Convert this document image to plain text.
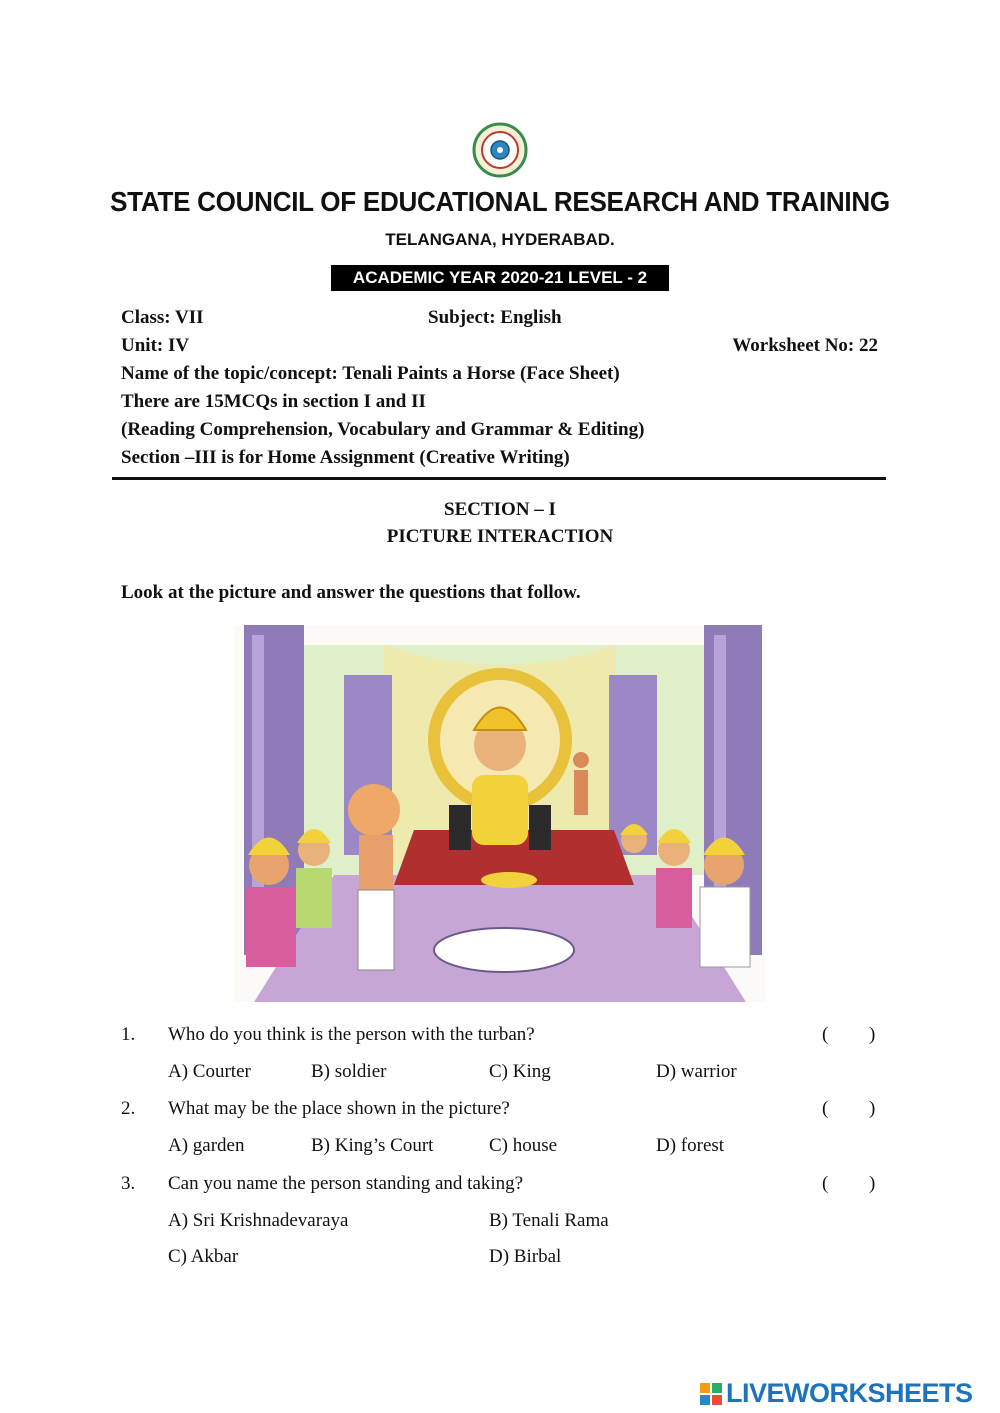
STATE COUNCIL OF EDUCATIONAL RESEARCH AND TRAINING
TELANGANA, HYDERABAD.
ACADEMIC YEAR 2020-21 LEVEL - 2
Class: VII	Subject: English
Unit: IV	Worksheet No: 22
Name of the topic/concept: Tenali Paints a Horse (Face Sheet)
There are 15MCQs in section I and II
(Reading Comprehension, Vocabulary and Grammar & Editing)
Section –III is for Home Assignment (Creative Writing)
SECTION – I
PICTURE INTERACTION
Look at the picture and answer the questions that follow.
1. Who do you think is the person with the turban?	( )
A) Courter	B) soldier	C) King	D) warrior
2. What may be the place shown in the picture?	( )
A) garden	B) King’s Court	C) house	D) forest
3. Can you name the person standing and taking?	( )
A) Sri Krishnadevaraya	B) Tenali Rama
C) Akbar	D) Birbal
LIVEWORKSHEETS
